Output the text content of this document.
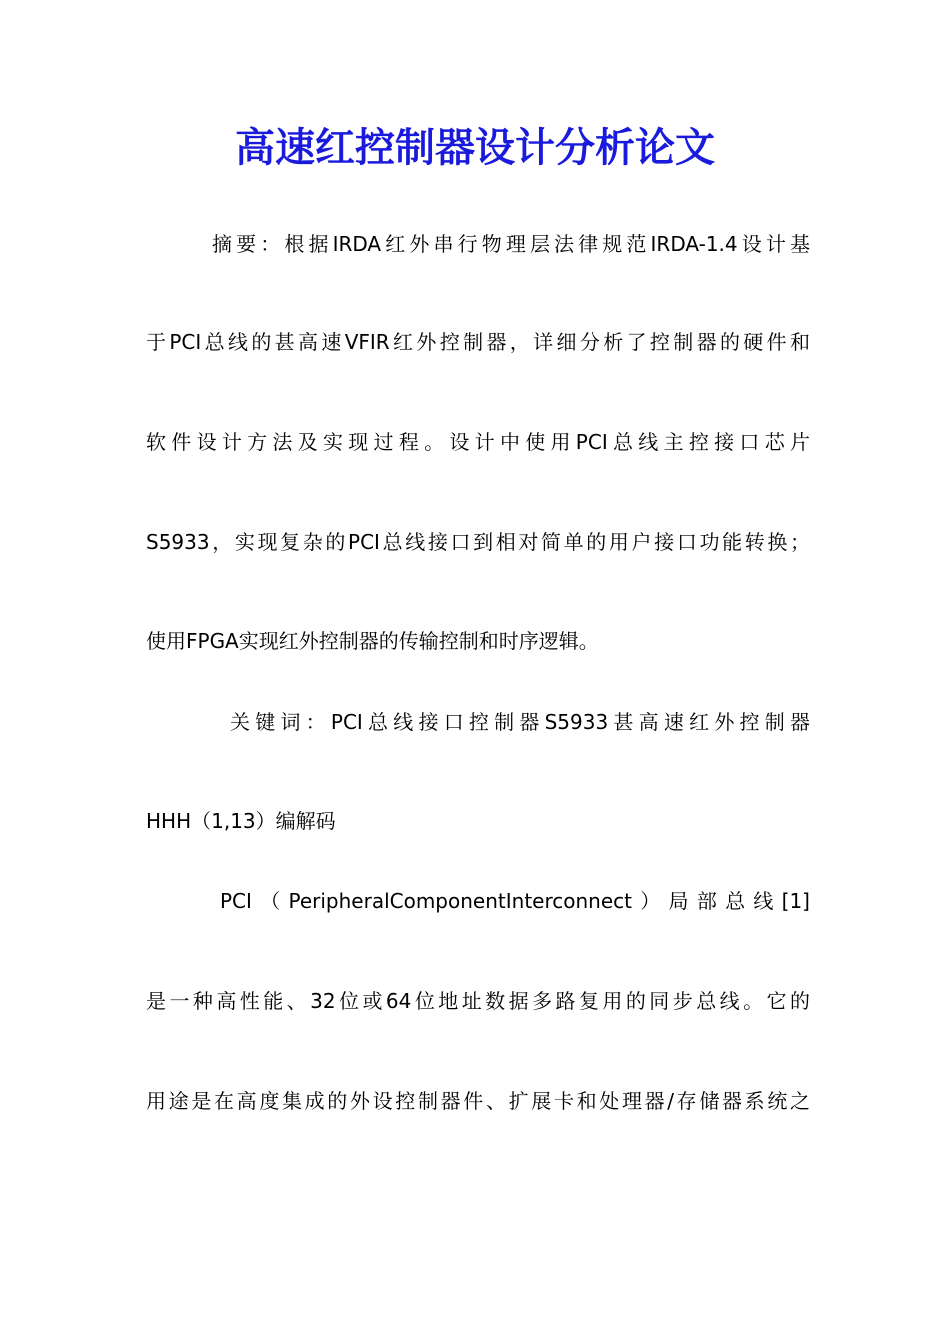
高速红控制器设计分析论文

摘要：根据IRDA红外串行物理层法律规范IRDA-1.4设计基

于PCI总线的甚高速VFIR红外控制器，详细分析了控制器的硬件和

软件设计方法及实现过程。设计中使用PCI总线主控接口芯片

S5933，实现复杂的PCI总线接口到相对简单的用户接口功能转换；

使用FPGA实现红外控制器的传输控制和时序逻辑。

关键词：PCI总线接口控制器S5933甚高速红外控制器

HHH（1,13）编解码

PCI（PeripheralComponentInterconnect）局部总线[1]

是一种高性能、32位或64位地址数据多路复用的同步总线。它的

用途是在高度集成的外设控制器件、扩展卡和处理器/存储器系统之
